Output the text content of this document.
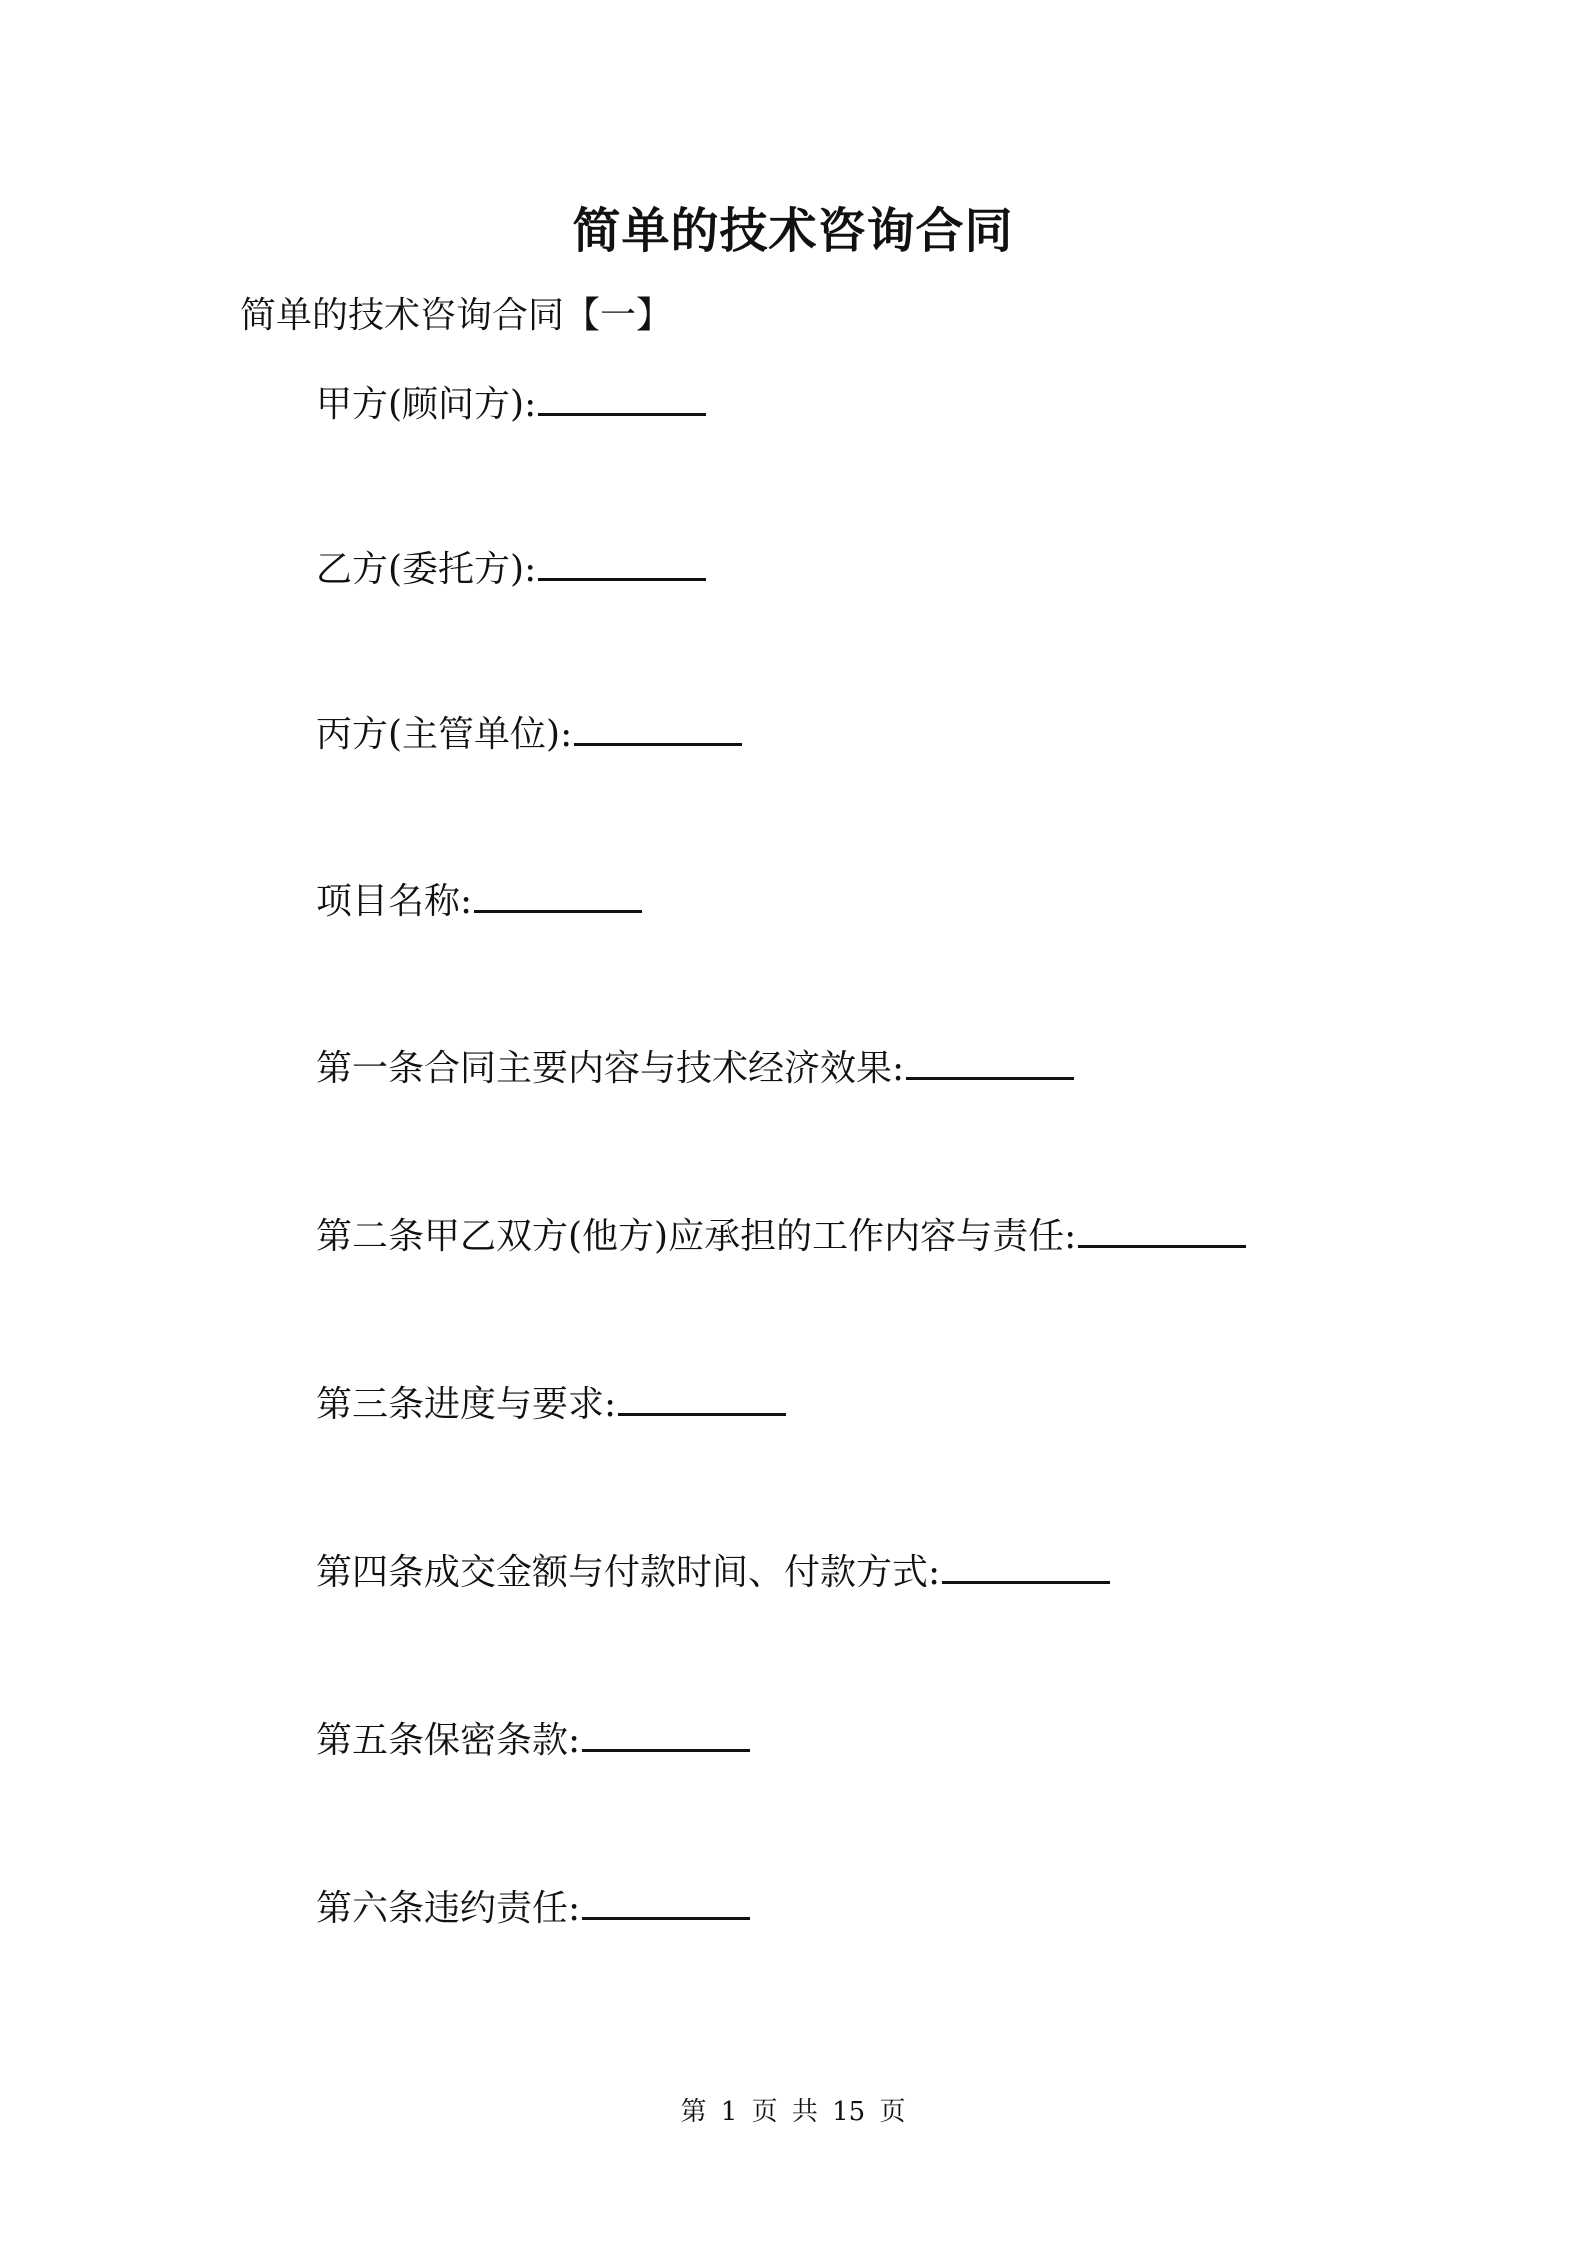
简单的技术咨询合同
简单的技术咨询合同【一】
甲方(顾问方):
乙方(委托方):
丙方(主管单位):
项目名称:
第一条合同主要内容与技术经济效果:
第二条甲乙双方(他方)应承担的工作内容与责任:
第三条进度与要求:
第四条成交金额与付款时间、付款方式:
第五条保密条款:
第六条违约责任:
第 1 页 共 15 页
